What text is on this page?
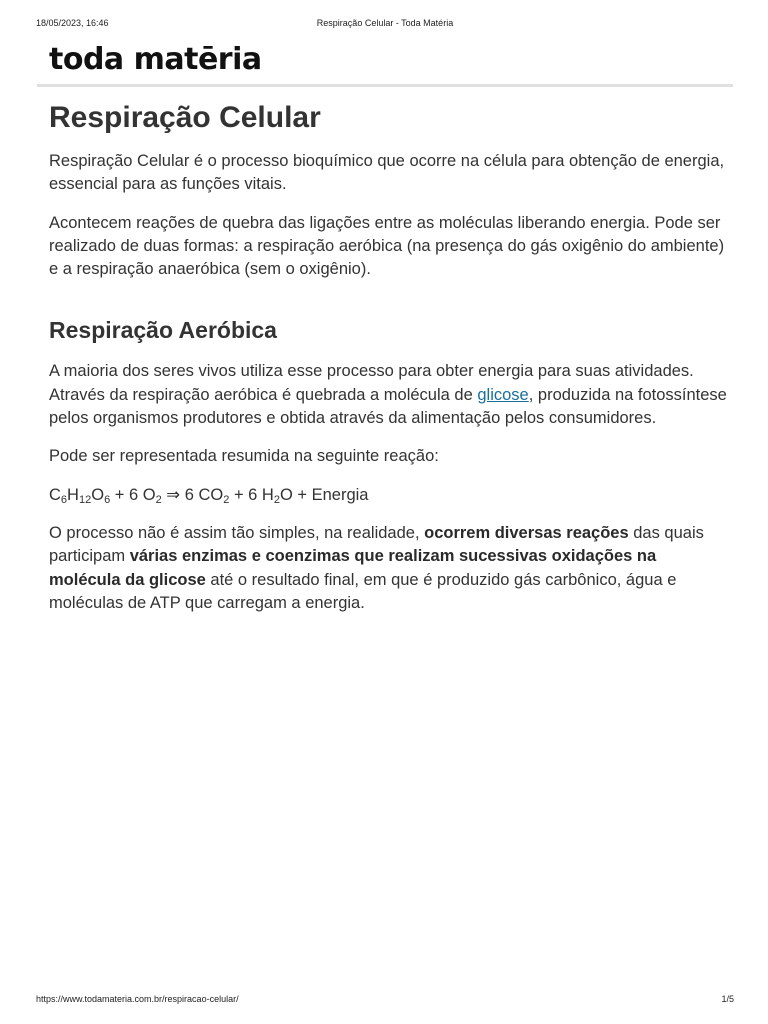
18/05/2023, 16:46	Respiração Celular - Toda Matéria
toda matēria
Respiração Celular

Respiração Celular é o processo bioquímico que ocorre na célula para obtenção de energia, essencial para as funções vitais.

Acontecem reações de quebra das ligações entre as moléculas liberando energia. Pode ser realizado de duas formas: a respiração aeróbica (na presença do gás oxigênio do ambiente) e a respiração anaeróbica (sem o oxigênio).

Respiração Aeróbica

A maioria dos seres vivos utiliza esse processo para obter energia para suas atividades. Através da respiração aeróbica é quebrada a molécula de glicose, produzida na fotossíntese pelos organismos produtores e obtida através da alimentação pelos consumidores.

Pode ser representada resumida na seguinte reação:

$C_6H_{12}O_6 + 6$ $O_2$ ⇒ 6 $CO_2 + 6$ $H_2O$ + Energia

O processo não é assim tão simples, na realidade, ocorrem diversas reações das quais participam várias enzimas e coenzimas que realizam sucessivas oxidações na molécula da glicose até o resultado final, em que é produzido gás carbônico, água e moléculas de ATP que carregam a energia.

https://www.todamateria.com.br/respiracao-celular/	1/5
